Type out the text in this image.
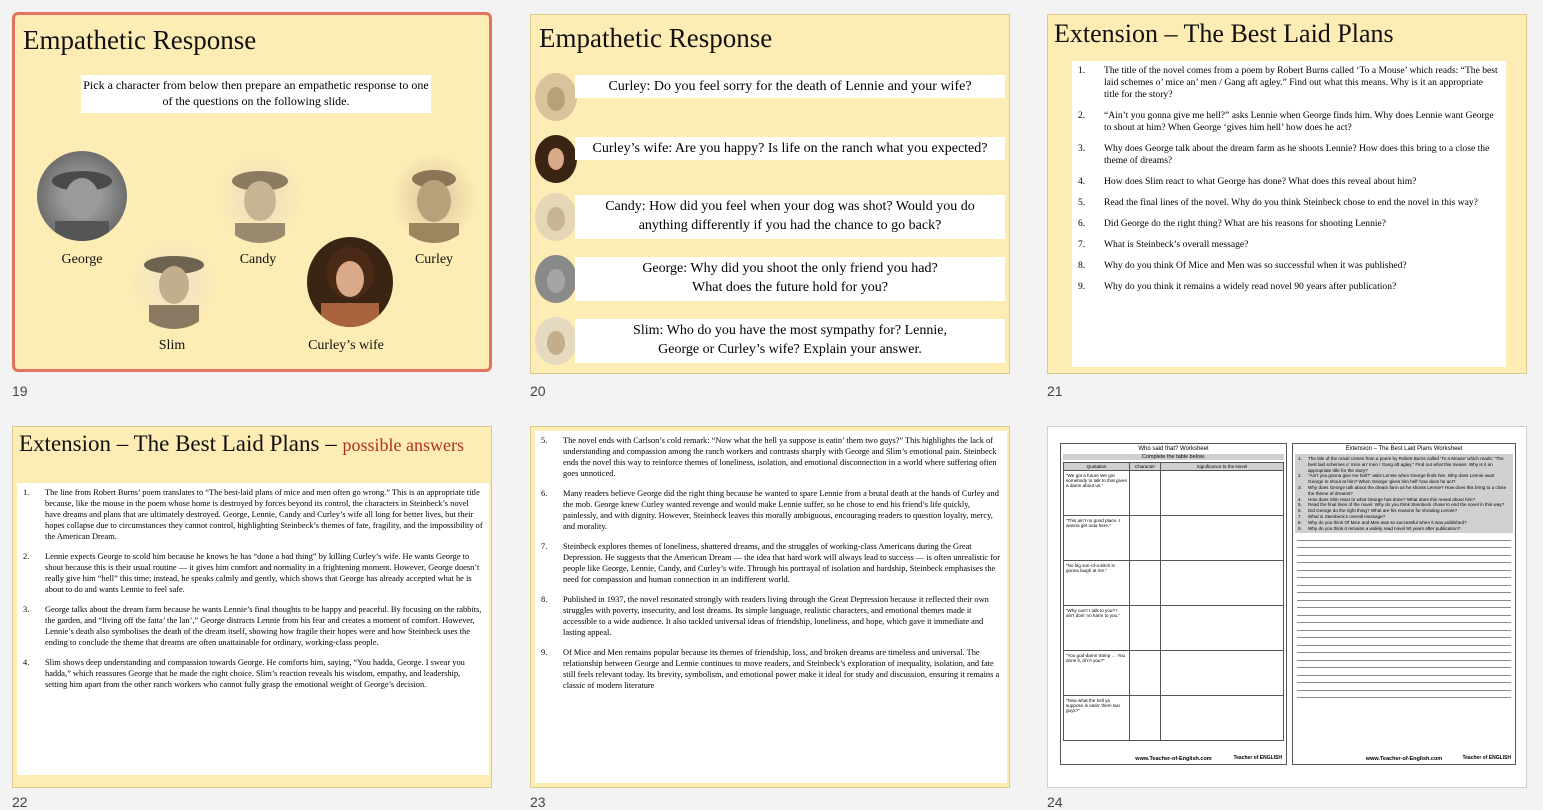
Empathetic Response
Pick a character from below then prepare an empathetic response to one of the questions on the following slide.
George	Candy	Curley
Slim	Curley’s wife
19
Empathetic Response
Curley: Do you feel sorry for the death of Lennie and your wife?
Curley’s wife: Are you happy? Is life on the ranch what you expected?
Candy: How did you feel when your dog was shot? Would you do anything differently if you had the chance to go back?
George: Why did you shoot the only friend you had? What does the future hold for you?
Slim: Who do you have the most sympathy for? Lennie, George or Curley’s wife? Explain your answer.
20
Extension – The Best Laid Plans
1.	The title of the novel comes from a poem by Robert Burns called ‘To a Mouse’ which reads: “The best laid schemes o’ mice an’ men / Gang aft agley.” Find out what this means. Why is it an appropriate title for the story?
2.	“Ain’t you gonna give me hell?” asks Lennie when George finds him. Why does Lennie want George to shout at him? When George ‘gives him hell’ how does he act?
3.	Why does George talk about the dream farm as he shoots Lennie? How does this bring to a close the theme of dreams?
4.	How does Slim react to what George has done? What does this reveal about him?
5.	Read the final lines of the novel. Why do you think Steinbeck chose to end the novel in this way?
6.	Did George do the right thing? What are his reasons for shooting Lennie?
7.	What is Steinbeck’s overall message?
8.	Why do you think Of Mice and Men was so successful when it was published?
9.	Why do you think it remains a widely read novel 90 years after publication?
21
Extension – The Best Laid Plans – possible answers
1.	The line from Robert Burns’ poem translates to “The best-laid plans of mice and men often go wrong.” This is an appropriate title because, like the mouse in the poem whose home is destroyed by forces beyond its control, the characters in Steinbeck’s novel have dreams and plans that are ultimately destroyed. George, Lennie, Candy and Curley’s wife all long for better lives, but their hopes collapse due to circumstances they cannot control, highlighting Steinbeck’s themes of fate, fragility, and the impossibility of the American Dream.
2.	Lennie expects George to scold him because he knows he has “done a bad thing” by killing Curley’s wife. He wants George to shout because this is their usual routine — it gives him comfort and normality in a frightening moment. However, George doesn’t really give him “hell” this time; instead, he speaks calmly and gently, which shows that George has already accepted what he is about to do and wants Lennie to feel safe.
3.	George talks about the dream farm because he wants Lennie’s final thoughts to be happy and peaceful. By focusing on the rabbits, the garden, and “living off the fatta’ the lan’,” George distracts Lennie from his fear and creates a moment of comfort. However, Lennie’s death also symbolises the death of the dream itself, showing how fragile their hopes were and how Steinbeck uses the ending to conclude the theme that dreams are often unattainable for ordinary, working-class people.
4.	Slim shows deep understanding and compassion towards George. He comforts him, saying, “You hadda, George. I swear you hadda,” which reassures George that he made the right choice. Slim’s reaction reveals his wisdom, empathy, and leadership, setting him apart from the other ranch workers who cannot fully grasp the emotional weight of George’s decision.
22
5.	The novel ends with Carlson’s cold remark: “Now what the hell ya suppose is eatin’ them two guys?” This highlights the lack of understanding and compassion among the ranch workers and contrasts sharply with George and Slim’s emotional pain. Steinbeck ends the novel this way to reinforce themes of loneliness, isolation, and emotional disconnection in a world where suffering often goes unnoticed.
6.	Many readers believe George did the right thing because he wanted to spare Lennie from a brutal death at the hands of Curley and the mob. George knew Curley wanted revenge and would make Lennie suffer, so he chose to end his friend’s life quickly, painlessly, and with dignity. However, Steinbeck leaves this morally ambiguous, encouraging readers to question loyalty, mercy, and morality.
7.	Steinbeck explores themes of loneliness, shattered dreams, and the struggles of working-class Americans during the Great Depression. He suggests that the American Dream — the idea that hard work will always lead to success — is often unrealistic for people like George, Lennie, Candy, and Curley’s wife. Through his portrayal of isolation and hardship, Steinbeck emphasises the need for compassion and human connection in an indifferent world.
8.	Published in 1937, the novel resonated strongly with readers living through the Great Depression because it reflected their own struggles with poverty, insecurity, and lost dreams. Its simple language, realistic characters, and emotional themes made it accessible to a wide audience. It also tackled universal ideas of friendship, loneliness, and hope, which gave it immediate and lasting appeal.
9.	Of Mice and Men remains popular because its themes of friendship, loss, and broken dreams are timeless and universal. The relationship between George and Lennie continues to move readers, and Steinbeck’s exploration of inequality, isolation, and fate still feels relevant today. Its brevity, symbolism, and emotional power make it ideal for study and discussion, ensuring it remains a classic of modern literature
23
Who said that? Worksheet
Complete the table below.
Quotation	Character	Significance to the Novel
“We got a future We got somebody to talk to that gives a damn about us.”		
“This ain’t no good place. I wanna get outa here.”		
“No big son-of-a-bitch is gonna laugh at me.”		
“Why can’t I talk to you? I ain’t doin’ no harm to you.”		
“You god-damn tramp … You done it, di’n’t you?”		
“Now what the hell ya suppose is eatin’ them two guys?”		
www.Teacher-of-English.com	Teacher of ENGLISH
Extension – The Best Laid Plans Worksheet
1.	The title of the novel comes from a poem by Robert Burns called ‘To a Mouse’ which reads: “The best laid schemes o’ mice an’ men / Gang aft agley.” Find out what this means. Why is it an appropriate title for the story?
2.	“Ain’t you gonna give me hell?” asks Lennie when George finds him. Why does Lennie want George to shout at him? When George ‘gives him hell’ how does he act?
3.	Why does George talk about the dream farm as he shoots Lennie? How does this bring to a close the theme of dreams?
4.	How does Slim react to what George has done? What does this reveal about him?
5.	Read the final lines of the novel. Why do you think Steinbeck chose to end the novel in this way?
6.	Did George do the right thing? What are his reasons for shooting Lennie?
7.	What is Steinbeck’s overall message?
8.	Why do you think Of Mice and Men was so successful when it was published?
9.	Why do you think it remains a widely read novel 90 years after publication?
www.Teacher-of-English.com	Teacher of ENGLISH
24
